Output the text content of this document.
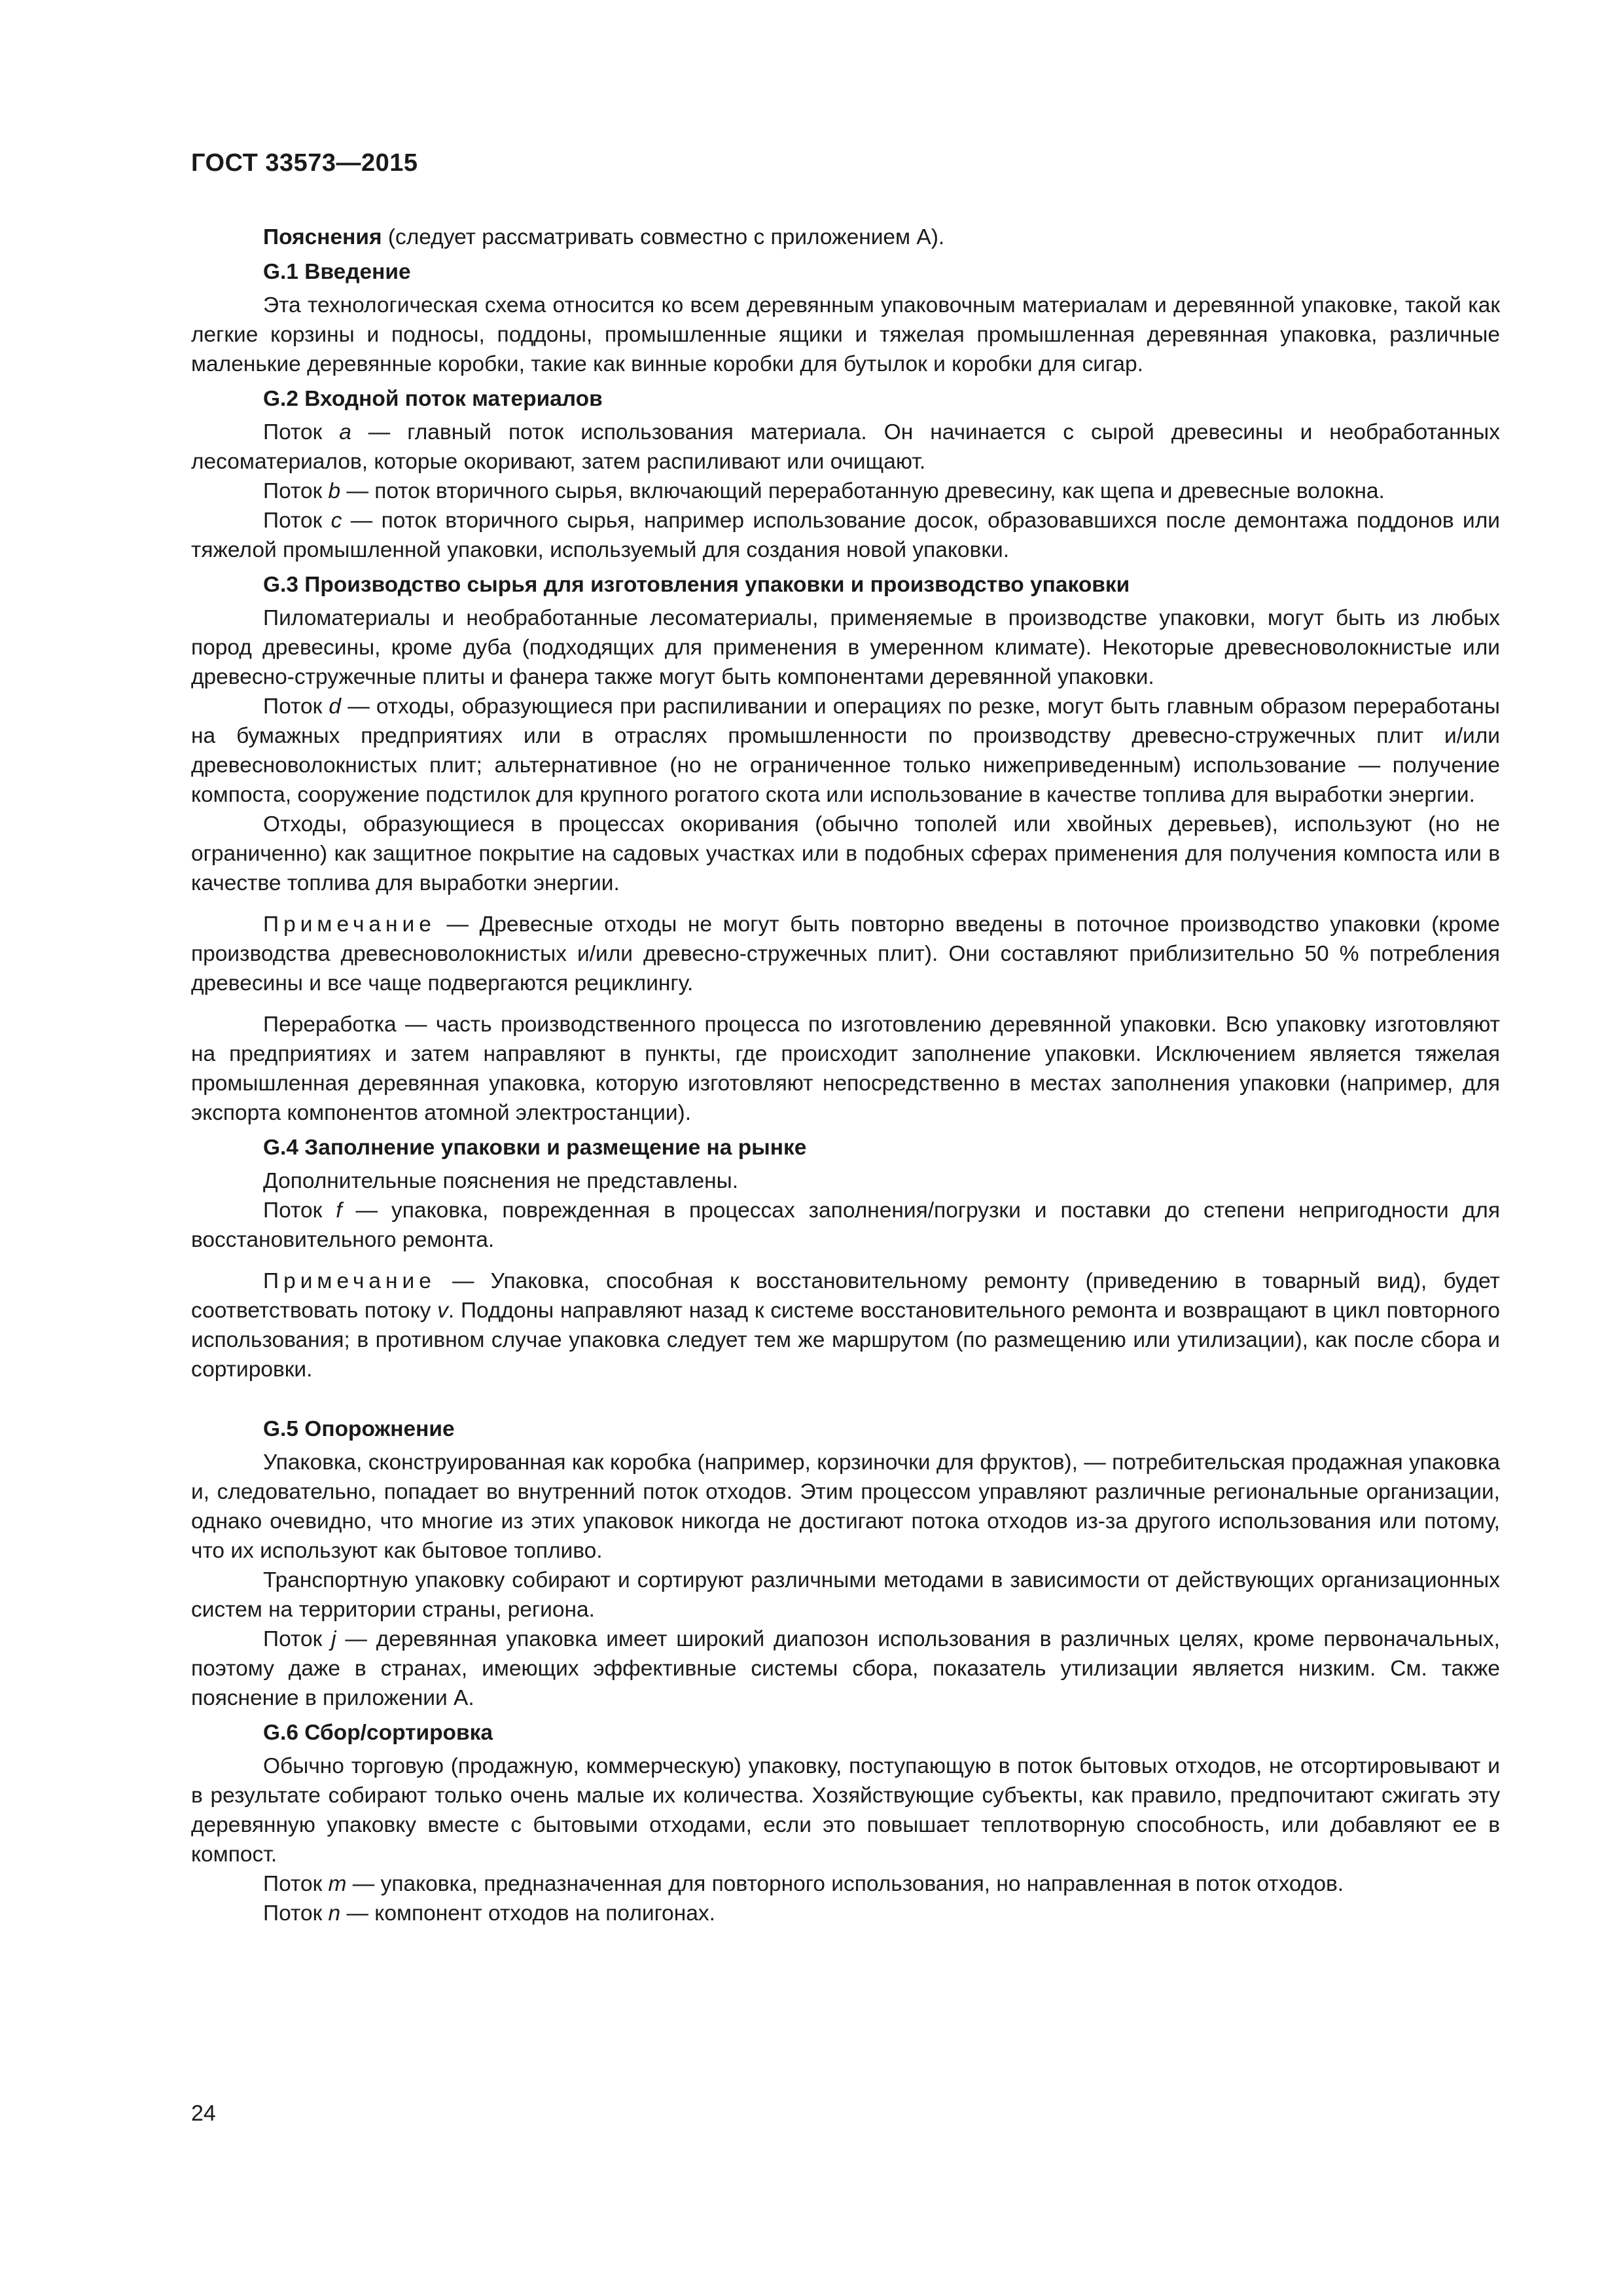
ГОСТ 33573—2015

Пояснения (следует рассматривать совместно с приложением А).

G.1 Введение

Эта технологическая схема относится ко всем деревянным упаковочным материалам и деревянной упаковке, такой как легкие корзины и подносы, поддоны, промышленные ящики и тяжелая промышленная деревянная упаковка, различные маленькие деревянные коробки, такие как винные коробки для бутылок и коробки для сигар.

G.2 Входной поток материалов

Поток a — главный поток использования материала. Он начинается с сырой древесины и необработанных лесоматериалов, которые окоривают, затем распиливают или очищают.

Поток b — поток вторичного сырья, включающий переработанную древесину, как щепа и древесные волокна.

Поток c — поток вторичного сырья, например использование досок, образовавшихся после демонтажа поддонов или тяжелой промышленной упаковки, используемый для создания новой упаковки.

G.3 Производство сырья для изготовления упаковки и производство упаковки

Пиломатериалы и необработанные лесоматериалы, применяемые в производстве упаковки, могут быть из любых пород древесины, кроме дуба (подходящих для применения в умеренном климате). Некоторые древесноволокнистые или древесно-стружечные плиты и фанера также могут быть компонентами деревянной упаковки.

Поток d — отходы, образующиеся при распиливании и операциях по резке, могут быть главным образом переработаны на бумажных предприятиях или в отраслях промышленности по производству древесно-стружечных плит и/или древесноволокнистых плит; альтернативное (но не ограниченное только нижеприведенным) использование — получение компоста, сооружение подстилок для крупного рогатого скота или использование в качестве топлива для выработки энергии.

Отходы, образующиеся в процессах окоривания (обычно тополей или хвойных деревьев), используют (но не ограниченно) как защитное покрытие на садовых участках или в подобных сферах применения для получения компоста или в качестве топлива для выработки энергии.

Примечание — Древесные отходы не могут быть повторно введены в поточное производство упаковки (кроме производства древесноволокнистых и/или древесно-стружечных плит). Они составляют приблизительно 50 % потребления древесины и все чаще подвергаются рециклингу.

Переработка — часть производственного процесса по изготовлению деревянной упаковки. Всю упаковку изготовляют на предприятиях и затем направляют в пункты, где происходит заполнение упаковки. Исключением является тяжелая промышленная деревянная упаковка, которую изготовляют непосредственно в местах заполнения упаковки (например, для экспорта компонентов атомной электростанции).

G.4 Заполнение упаковки и размещение на рынке

Дополнительные пояснения не представлены.

Поток f — упаковка, поврежденная в процессах заполнения/погрузки и поставки до степени непригодности для восстановительного ремонта.

Примечание — Упаковка, способная к восстановительному ремонту (приведению в товарный вид), будет соответствовать потоку v. Поддоны направляют назад к системе восстановительного ремонта и возвращают в цикл повторного использования; в противном случае упаковка следует тем же маршрутом (по размещению или утилизации), как после сбора и сортировки.

G.5 Опорожнение

Упаковка, сконструированная как коробка (например, корзиночки для фруктов), — потребительская продажная упаковка и, следовательно, попадает во внутренний поток отходов. Этим процессом управляют различные региональные организации, однако очевидно, что многие из этих упаковок никогда не достигают потока отходов из-за другого использования или потому, что их используют как бытовое топливо.

Транспортную упаковку собирают и сортируют различными методами в зависимости от действующих организационных систем на территории страны, региона.

Поток j — деревянная упаковка имеет широкий диапозон использования в различных целях, кроме первоначальных, поэтому даже в странах, имеющих эффективные системы сбора, показатель утилизации является низким. См. также пояснение в приложении А.

G.6 Сбор/сортировка

Обычно торговую (продажную, коммерческую) упаковку, поступающую в поток бытовых отходов, не отсортировывают и в результате собирают только очень малые их количества. Хозяйствующие субъекты, как правило, предпочитают сжигать эту деревянную упаковку вместе с бытовыми отходами, если это повышает теплотворную способность, или добавляют ее в компост.

Поток m — упаковка, предназначенная для повторного использования, но направленная в поток отходов.

Поток n — компонент отходов на полигонах.

24
